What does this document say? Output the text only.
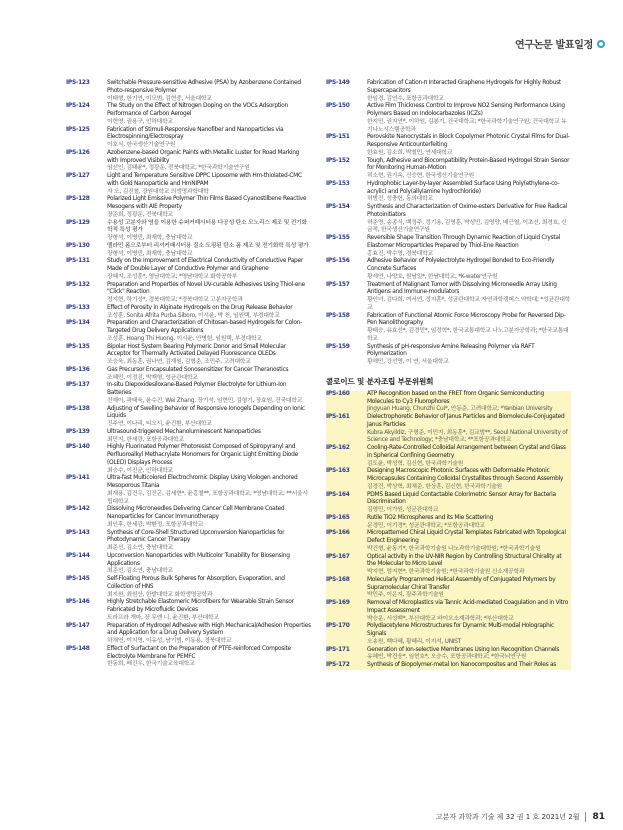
연구논문 발표일정
IPS-123	Switchable Pressure-sensitive Adhesive (PSA) by Azobenzene Contained Photo-responsive Polymer
이태형, 한기연, 이모범, 김현중, 서울대학교
IPS-124	The Study on the Effect of Nitrogen Doping on the VOCs Adsorption Performance of Carbon Aerogel
이현영, 권용구, 인하대학교
IPS-125	Fabrication of Stimuli-Responsive Nanofiber and Nanoparticles via Electrospinning/Electrospray
이호식, 한국생산기술연구원
IPS-126	Azobenzene-based Organic Paints with Metallic Luster for Road Marking with Improved Visibility
임선인, 김태윤*, 정광운, 전북대학교; *한국과학기술연구원
IPS-127	Light and Temperature Sensitive DPPC Liposome with Hm-thiolated-CMC with Gold Nanoparticle and HmNIPAM
자 오, 김진철, 강원대학교 의생명과학대학
IPS-128	Polarized Light Emissive Polymer Thin Films Based Cyanostilbene Reactive Mesogens with AIE Property
장준희, 정광운, 전북대학교
IPS-129	수용성 고분자와 염을 이용한 슈퍼커패시터용 다공성 탄소 모노리스 제조 및 전기화학적 특성 평가
장형석, 이병민, 최재학, 충남대학교
IPS-130	멜라민 폼으로부터 리셔커패시터용 질소 도핑된 탄소 폼 제조 및 전기화학 특성 평가
장형석, 이병민, 최재학, 충남대학교
IPS-131	Study on the Improvement of Electrical Conductivity of Conductive Paper Made of Double Layer of Conductive Polymer and Graphene
장혜지, 조성훈*, 영남대학교; *영남대학교 화학공학부
IPS-132	Preparation and Properties of Novel UV-curable Adhesives Using Thiol-ene "Click" Reaction
정지현, 하기성*, 경북대학교; *경북대학교 고분자공학과
IPS-133	Effect of Porosity in Alginate Hydrogels on the Drug Release Behavior
조성훈, Sonita Afrita Purba Siboro, 이시윤, 박 천, 임원택, 부경대학교
IPS-134	Preparation and Characterization of Chitosan-based Hydrogels for Colon-Targeted Drug Delivery Applications
조성훈, Hoang Thi Huong, 이시윤, 안병헌, 임원택, 부경대학교
IPS-135	Bipolar Host System Bearing Polymeric Donor and Small Molecular Acceptor for Thermally Activated Delayed Fluorescence OLEDs
조승욱, 최동훈, 권나연, 김재원, 김형준, 조민주, 고려대학교
IPS-136	Gas Precursor Encapsulated Sonosensitizer for Cancer Theranostics
조혜민, 이정진, 박재형, 성균관대학교
IPS-137	In-situ Diepoxidesiloxane-Based Polymer Electrolyte for Lithium-Ion Batteries
진예이, 곽태욱, 윤수진, Wei Zhang, 장기석, 임현민, 김형기, 장효원, 건국대학교
IPS-138	Adjusting of Swelling Behavior of Responsive Ionogels Depending on Ionic Liquids
진주연, 이나리, 티오시, 윤진환, 부산대학교
IPS-139	Ultrasound-triggered Mechanoluminescent Nanoparticles
최민지, 한세광, 포항공과대학교
IPS-140	Highly Fluorinated Polymer Photoresist Composed of Spiropyranyl and Perfluoroalkyl Methacrylate Monomers for Organic Light Emitting Diode (OLED) Displays Process
최승수, 이진균, 인하대학교
IPS-141	Ultra-fast Multicolored Electrochromic Display Using Viologen anchored Mesoporous Titania
최재용, 김건우, 김진곤, 김세현*, 윤홍철**, 포항공과대학교; *영남대학교; **서울시립대학교
IPS-142	Dissolving Microneedles Delivering Cancer Cell Membrane Coated Nanoparticles for Cancer Immunotherapy
최인후, 한세광, 박환정, 포항공과대학교
IPS-143	Synthesis of Core-Shell Structured Upconversion Nanoparticles for Photodynamic Cancer Therapy
최준선, 김소연, 충남대학교
IPS-144	Upconversion Nanoparticles with Multicolor Tunability for Biosensing Applications
최준선, 김소연, 충남대학교
IPS-145	Self-Floating Porous Bulk Spheres for Absorption, Evaporation, and Collection of HNS
최지원, 최원산, 한밭대학교 화학생명공학과
IPS-146	Highly Stretchable Elastomeric Microfibers for Wearable Strain Sensor Fabricated by Microfluidic Devices
트라프라 개마, 장 무엔 니, 윤진환, 부산대학교
IPS-147	Preparation of Hydrogel Adhesive with High Mechanical/Adhesion Properties and Application for a Drug Delivery System
하채연, 이지영, 이유성, 남기범, 이동용, 경북대학교
IPS-148	Effect of Surfactant on the Preparation of PTFE-reinforced Composite Electrolyte Membrane for PEMFC
한동희, 배진우, 한국기술교육대학교
IPS-149	Fabrication of Cation-π Interacted Graphene Hydrogels for Highly Robust Supercapacitors
한임경, 김연수, 포항공과대학교
IPS-150	Active Film Thickness Control to Improve NO2 Sensing Performance Using Polymers Based on Indolocarbazoles (ICZs)
한지민, 권지연*, 이하원, 김봉기, 건국대학교; *한국과학기술연구원; 건국대학교 유기나노시스템공학과
IPS-151	Perovskite Nanocrystals in Block Copolymer Photonic Crystal Films for Dual-Responsive Anticounterfeiting
한효원, 김소희, 박철민, 연세대학교
IPS-152	Tough, Adhesive and Biocompatibility Protein-Based Hydrogel Strain Sensor for Monitoring Human-Motion
허소현, 권기옥, 신승현, 한국생산기술연구원
IPS-153	Hydrophobic Layer-by-layer Assembled Surface Using Poly(ethylene-co-acrylic) and Poly(allylamine hydrochloride)
허범진, 성충헌, 동의대학교
IPS-154	Synthesis and Characterization of Oxime-esters Derivative for Free Radical Photoinitiators
허준영, 송종식, 백정주, 정기용, 김명훈, 박성민, 김영양, 배근열, 이초선, 최경호, 신금적, 한국생산기술연구원
IPS-155	Reversible Shape Transition Through Dynamic Reaction of Liquid Crystal Elastomer Microparticles Prepared by Thiol-Ene Reaction
홍효진, 박수영, 경북대학교
IPS-156	Adhesive Behavior of Polyelectrolyte Hydrogel Bonded to Eco-Friendly Concrete Surfaces
황세연, 나양호, 원남일*, 한남대학교; *K-water연구원
IPS-157	Treatment of Malignant Tumor with Dissolving Microneedle Array Using Antigens and Immune-modulators
황인녀, 김다희, 여서연, 정지훈*, 성균관대학교 자연과학캠퍼스 약학대; *성균관대학교
IPS-158	Fabrication of Functional Atomic Force Microscopy Probe for Reversed Dip-Pen Nanolithography
황태승, 유효선*, 김경민*, 임정혁*, 한국교통대학교 나노고분자공학과; *한국교통대학교
IPS-159	Synthesis of pH-responsive Amine Releasing Polymer via RAFT Polymerization
황해민, 강선영, 이 연, 서울대학교
콜로이드 및 분자조립 부문위원회
IPS-160	ATP Recognition based on the FRET from Organic Semiconducting Molecules to Cy3 Fluorophores
Jingyuan Huang, Chunzhi Cui*, 안동준, 고려대학교; *Yanbian University
IPS-161	Dielectrophoretic Behavior of Janus Particles and Biomolecule-Conjugated Janus Particles
Kubra Akyildiz, 구형준, 이민지, 최동훈*, 김교범**, Seoul National University of Science and Technology; *충남대학교; **포항공과대학교
IPS-162	Cooling-Rate-Controlled Colloidal Arrangement between Crystal and Glass in Spherical Confining Geometry
김도윤, 박성혁, 김신현, 한국과학기술원
IPS-163	Designing Macroscopic Photonic Surfaces with Deformable Photonic Microcapsules Containing Colloidal Crystallites through Second Assembly
김경건, 박상혁, 최채준, 한상훈, 김신현, 한국과학기술원
IPS-164	PDMS Based Liquid Contactable Colorimetric Sensor Array for Bacteria Discrimination
김영민, 이가원, 성균관대학교
IPS-165	Rutile TiO2 Microspheres and its Mie Scattering
문경민, 이기경*, 성균관대학교; *포항공과대학교
IPS-166	Micropatterned Chiral Liquid Crystal Templates Fabricated with Topological Defect Engineering
박건형, 윤동기*, 한국과학기술원 나노과학기술대학원; *한국과학기술원
IPS-167	Optical activity in the UV-NIR Region by Controlling Structural Chirality at the Molecular to Micro Level
박지현, 엄지현*, 한국과학기술원; *한국과학기술원 신소재공학과
IPS-168	Molecularly Programmed Helical Assembly of Conjugated Polymers by Supramolecular Chiral Transfer
박민주, 이은지, 광주과학기술원
IPS-169	Removal of Microplastics via Tannic Acid-mediated Coagulation and in Vitro Impact Assessment
박승운, 서성백*, 부산대학교 바이오소재과학과; *부산대학교
IPS-170	Polydiacetylene Microstructures for Dynamic Multi-modal Holographic Signals
오송원, 백다혜, 황혜리, 이지석, UNIST
IPS-171	Generation of Ion-selective Membranes Using Ion Recognition Channels
유혜빈, 박건웅*, 임현호*, 오승수, 포항공과대학교; *한국뇌연구원
IPS-172	Synthesis of Biopolymer-metal Ion Nanocomposites and Their Roles as
고분자 과학과 기술 제 32 권 1 호 2021년 2월 81
